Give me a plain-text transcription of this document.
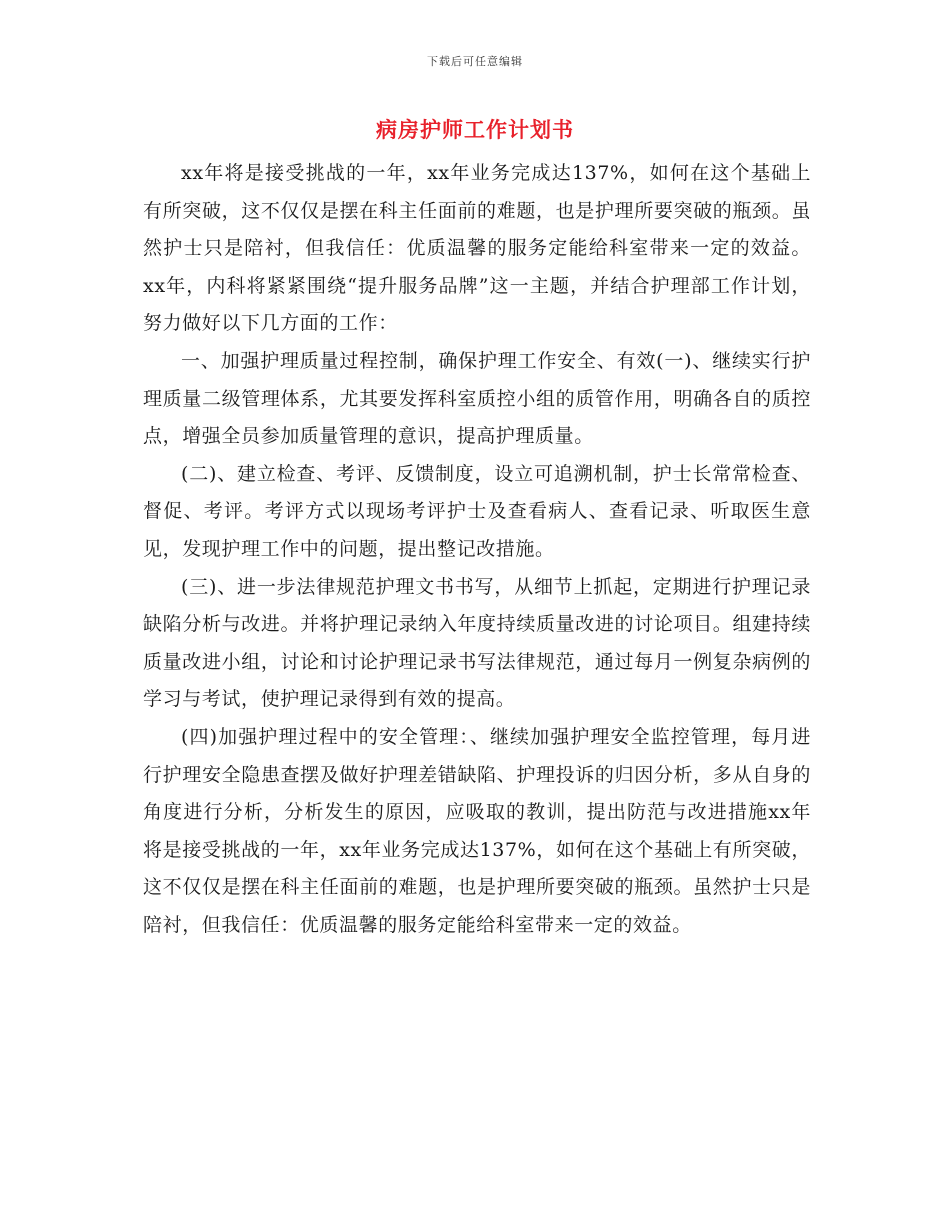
下载后可任意编辑
病房护师工作计划书

xx年将是接受挑战的一年，xx年业务完成达137%，如何在这个基础上有所突破，这不仅仅是摆在科主任面前的难题，也是护理所要突破的瓶颈。虽然护士只是陪衬，但我信任：优质温馨的服务定能给科室带来一定的效益。xx年，内科将紧紧围绕“提升服务品牌”这一主题，并结合护理部工作计划，努力做好以下几方面的工作：

一、加强护理质量过程控制，确保护理工作安全、有效(一)、继续实行护理质量二级管理体系，尤其要发挥科室质控小组的质管作用，明确各自的质控点，增强全员参加质量管理的意识，提高护理质量。

(二)、建立检查、考评、反馈制度，设立可追溯机制，护士长常常检查、督促、考评。考评方式以现场考评护士及查看病人、查看记录、听取医生意见，发现护理工作中的问题，提出整记改措施。

(三)、进一步法律规范护理文书书写，从细节上抓起，定期进行护理记录缺陷分析与改进。并将护理记录纳入年度持续质量改进的讨论项目。组建持续质量改进小组，讨论和讨论护理记录书写法律规范，通过每月一例复杂病例的学习与考试，使护理记录得到有效的提高。

(四)加强护理过程中的安全管理：、继续加强护理安全监控管理，每月进行护理安全隐患查摆及做好护理差错缺陷、护理投诉的归因分析，多从自身的角度进行分析，分析发生的原因，应吸取的教训，提出防范与改进措施xx年将是接受挑战的一年，xx年业务完成达137%，如何在这个基础上有所突破，这不仅仅是摆在科主任面前的难题，也是护理所要突破的瓶颈。虽然护士只是陪衬，但我信任：优质温馨的服务定能给科室带来一定的效益。
